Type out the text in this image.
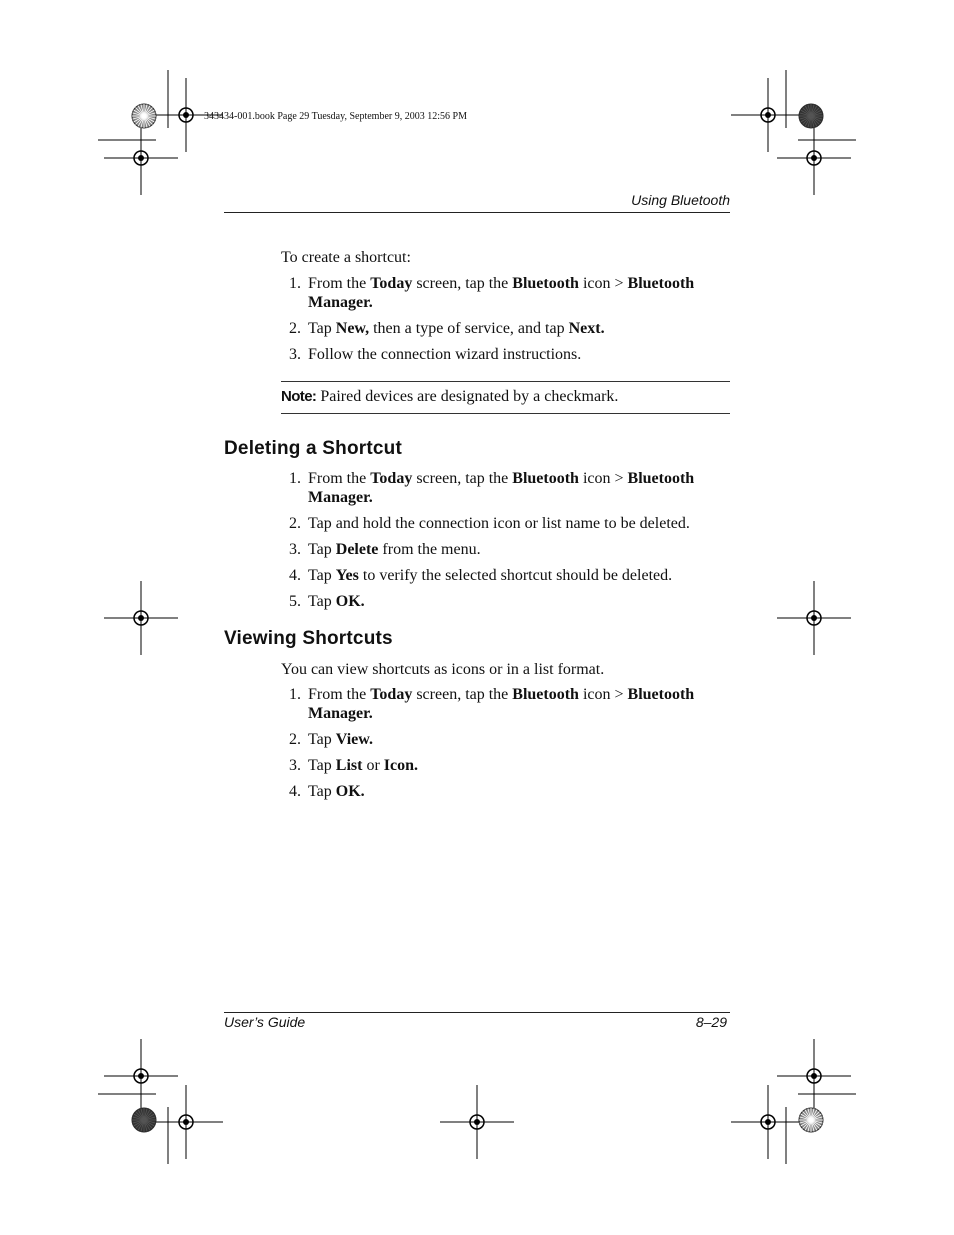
343434-001.book Page 29 Tuesday, September 9, 2003 12:56 PM
Using Bluetooth
To create a shortcut:
1. From the Today screen, tap the Bluetooth icon > Bluetooth Manager.
2. Tap New, then a type of service, and tap Next.
3. Follow the connection wizard instructions.
Note: Paired devices are designated by a checkmark.
Deleting a Shortcut
1. From the Today screen, tap the Bluetooth icon > Bluetooth Manager.
2. Tap and hold the connection icon or list name to be deleted.
3. Tap Delete from the menu.
4. Tap Yes to verify the selected shortcut should be deleted.
5. Tap OK.
Viewing Shortcuts
You can view shortcuts as icons or in a list format.
1. From the Today screen, tap the Bluetooth icon > Bluetooth Manager.
2. Tap View.
3. Tap List or Icon.
4. Tap OK.
User’s Guide	8–29
